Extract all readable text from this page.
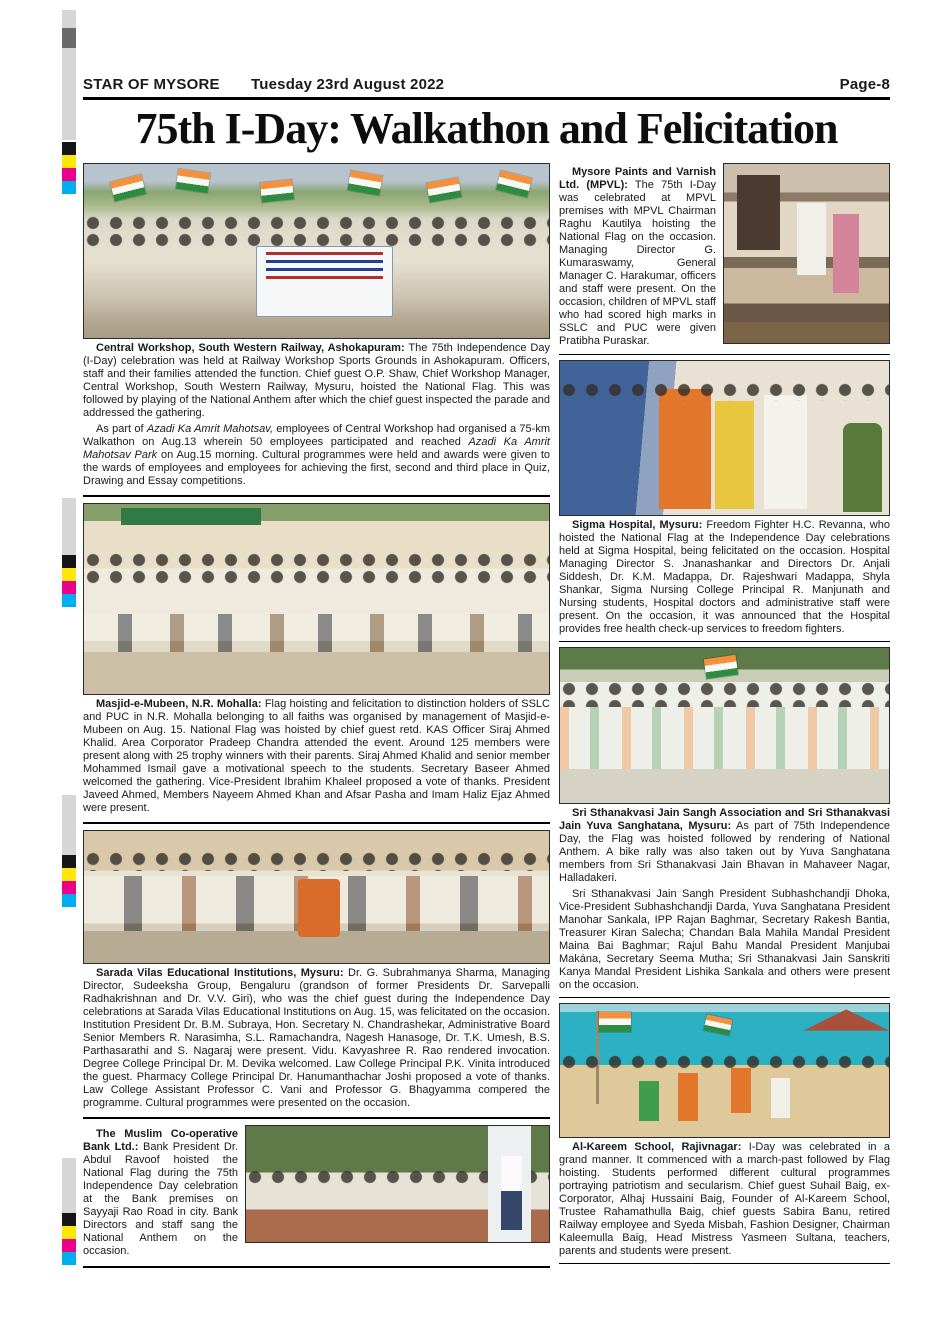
STAR OF MYSORE	Tuesday 23rd August 2022	Page-8
75th I-Day: Walkathon and Felicitation

Central Workshop, South Western Railway, Ashokapuram: The 75th Independence Day (I-Day) celebration was held at Railway Workshop Sports Grounds in Ashokapuram. Officers, staff and their families attended the function. Chief guest O.P. Shaw, Chief Workshop Manager, Central Workshop, South Western Railway, Mysuru, hoisted the National Flag. This was followed by playing of the National Anthem after which the chief guest inspected the parade and addressed the gathering.

As part of Azadi Ka Amrit Mahotsav, employees of Central Workshop had organised a 75-km Walkathon on Aug.13 wherein 50 employees participated and reached Azadi Ka Amrit Mahotsav Park on Aug.15 morning. Cultural programmes were held and awards were given to the wards of employees and employees for achieving the first, second and third place in Quiz, Drawing and Essay competitions.

Masjid-e-Mubeen, N.R. Mohalla: Flag hoisting and felicitation to distinction holders of SSLC and PUC in N.R. Mohalla belonging to all faiths was organised by management of Masjid-e-Mubeen on Aug. 15. National Flag was hoisted by chief guest retd. KAS Officer Siraj Ahmed Khalid. Area Corporator Pradeep Chandra attended the event. Around 125 members were present along with 25 trophy winners with their parents. Siraj Ahmed Khalid and senior member Mohammed Ismail gave a motivational speech to the students. Secretary Baseer Ahmed welcomed the gathering. Vice-President Ibrahim Khaleel proposed a vote of thanks. President Javeed Ahmed, Members Nayeem Ahmed Khan and Afsar Pasha and Imam Haliz Ejaz Ahmed were present.

Sarada Vilas Educational Institutions, Mysuru: Dr. G. Subrahmanya Sharma, Managing Director, Sudeeksha Group, Bengaluru (grandson of former Presidents Dr. Sarvepalli Radhakrishnan and Dr. V.V. Giri), who was the chief guest during the Independence Day celebrations at Sarada Vilas Educational Institutions on Aug. 15, was felicitated on the occasion. Institution President Dr. B.M. Subraya, Hon. Secretary N. Chandrashekar, Administrative Board Senior Members R. Narasimha, S.L. Ramachandra, Nagesh Hanasoge, Dr. T.K. Umesh, B.S. Parthasarathi and S. Nagaraj were present. Vidu. Kavyashree R. Rao rendered invocation. Degree College Principal Dr. M. Devika welcomed. Law College Principal P.K. Vinita introduced the guest. Pharmacy College Principal Dr. Hanumanthachar Joshi proposed a vote of thanks. Law College Assistant Professor C. Vani and Professor G. Bhagyamma compered the programme. Cultural programmes were presented on the occasion.

The Muslim Co-operative Bank Ltd.: Bank President Dr. Abdul Ravoof hoisted the National Flag during the 75th Independence Day celebration at the Bank premises on Sayyaji Rao Road in city. Bank Directors and staff sang the National Anthem on the occasion.

Mysore Paints and Varnish Ltd. (MPVL): The 75th I-Day was celebrated at MPVL premises with MPVL Chairman Raghu Kautilya hoisting the National Flag on the occasion. Managing Director G. Kumaraswamy, General Manager C. Harakumar, officers and staff were present. On the occasion, children of MPVL staff who had scored high marks in SSLC and PUC were given Pratibha Puraskar.

Sigma Hospital, Mysuru: Freedom Fighter H.C. Revanna, who hoisted the National Flag at the Independence Day celebrations held at Sigma Hospital, being felicitated on the occasion. Hospital Managing Director S. Jnanashankar and Directors Dr. Anjali Siddesh, Dr. K.M. Madappa, Dr. Rajeshwari Madappa, Shyla Shankar, Sigma Nursing College Principal R. Manjunath and Nursing students, Hospital doctors and administrative staff were present. On the occasion, it was announced that the Hospital provides free health check-up services to freedom fighters.

Sri Sthanakvasi Jain Sangh Association and Sri Sthanakvasi Jain Yuva Sanghatana, Mysuru: As part of 75th Independence Day, the Flag was hoisted followed by rendering of National Anthem. A bike rally was also taken out by Yuva Sanghatana members from Sri Sthanakvasi Jain Bhavan in Mahaveer Nagar, Halladakeri.

Sri Sthanakvasi Jain Sangh President Subhashchandji Dhoka, Vice-President Subhashchandji Darda, Yuva Sanghatana President Manohar Sankala, IPP Rajan Baghmar, Secretary Rakesh Bantia, Treasurer Kiran Salecha; Chandan Bala Mahila Mandal President Maina Bai Baghmar; Rajul Bahu Mandal President Manjubai Makána, Secretary Seema Mutha; Sri Sthanakvasi Jain Sanskriti Kanya Mandal President Lishika Sankala and others were present on the occasion.

Al-Kareem School, Rajivnagar: I-Day was celebrated in a grand manner. It commenced with a march-past followed by Flag hoisting. Students performed different cultural programmes portraying patriotism and secularism. Chief guest Suhail Baig, ex-Corporator, Alhaj Hussaini Baig, Founder of Al-Kareem School, Trustee Rahamathulla Baig, chief guests Sabira Banu, retired Railway employee and Syeda Misbah, Fashion Designer, Chairman Kaleemulla Baig, Head Mistress Yasmeen Sultana, teachers, parents and students were present.
